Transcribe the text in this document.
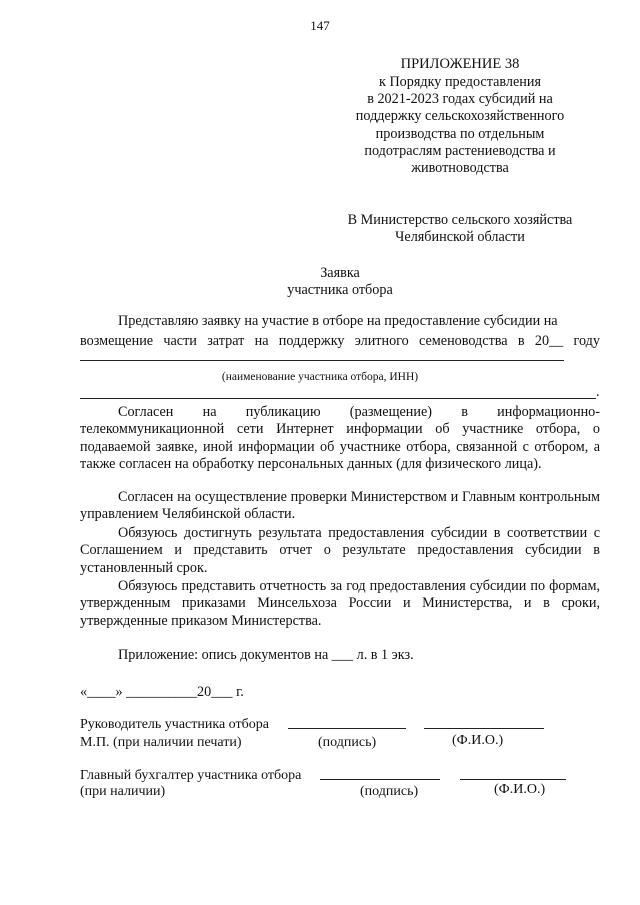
147
ПРИЛОЖЕНИЕ 38
к Порядку предоставления
в 2021-2023 годах субсидий на
поддержку сельскохозяйственного
производства по отдельным
подотраслям растениеводства и
животноводства
В Министерство сельского хозяйства
Челябинской области
Заявка
участника отбора
Представляю заявку на участие в отборе на предоставление субсидии на
возмещение части затрат на поддержку элитного семеноводства в 20__ году
(наименование участника отбора, ИНН)
.
Согласен на публикацию (размещение) в информационно-телекоммуникационной сети Интернет информации об участнике отбора, о подаваемой заявке, иной информации об участнике отбора, связанной с отбором, а также согласен на обработку персональных данных (для физического лица).
Согласен на осуществление проверки Министерством и Главным контрольным управлением Челябинской области.
Обязуюсь достигнуть результата предоставления субсидии в соответствии с Соглашением и представить отчет о результате предоставления субсидии в установленный срок.
Обязуюсь представить отчетность за год предоставления субсидии по формам, утвержденным приказами Минсельхоза России и Министерства, и в сроки, утвержденные приказом Министерства.
Приложение: опись документов на ___ л. в 1 экз.
«____» __________20___ г.
Руководитель участника отбора
М.П. (при наличии печати)	(подпись)	(Ф.И.О.)
Главный бухгалтер участника отбора
(при наличии)	(подпись)	(Ф.И.О.)
